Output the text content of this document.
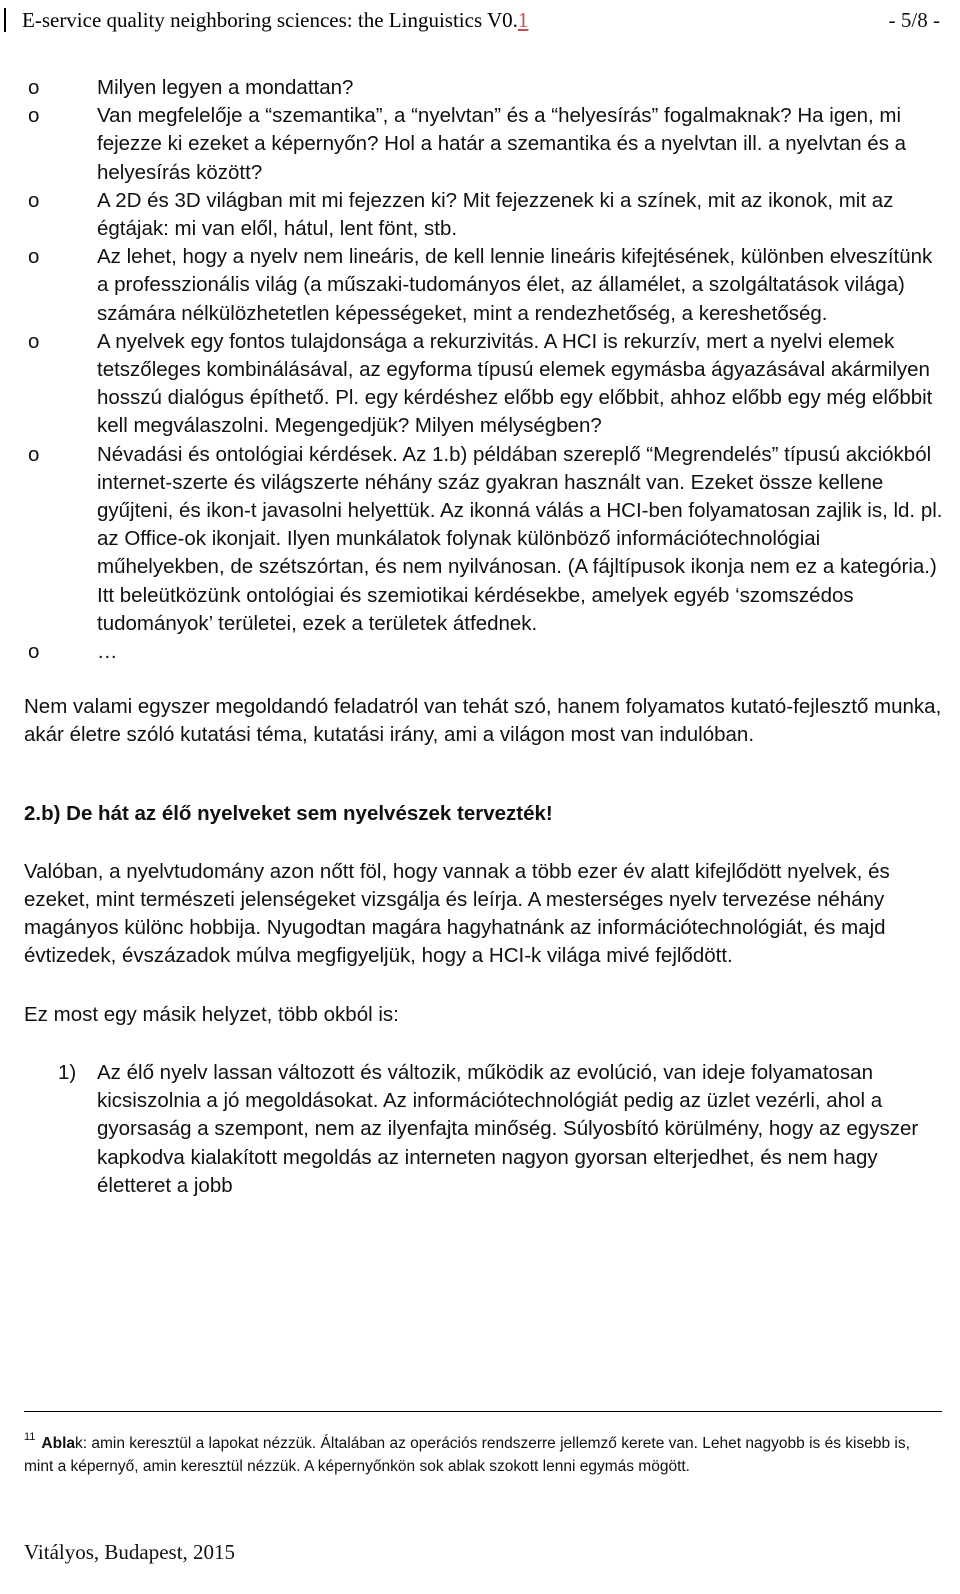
E-service quality neighboring sciences: the Linguistics V0.1	- 5/8 -
o	Milyen legyen a mondattan?
o	Van megfelelője a “szemantika”, a “nyelvtan” és a “helyesírás” fogalmaknak? Ha igen, mi fejezze ki ezeket a képernyőn? Hol a határ a szemantika és a nyelvtan ill. a nyelvtan és a helyesírás között?
o	A 2D és 3D világban mit mi fejezzen ki? Mit fejezzenek ki a színek, mit az ikonok, mit az égtájak: mi van elől, hátul, lent fönt, stb.
o	Az lehet, hogy a nyelv nem lineáris, de kell lennie lineáris kifejtésének, különben elveszítünk a professzionális világ (a műszaki-tudományos élet, az államélet, a szolgáltatások világa) számára nélkülözhetetlen képességeket, mint a rendezhetőség, a kereshetőség.
o	A nyelvek egy fontos tulajdonsága a rekurzivitás. A HCI is rekurzív, mert a nyelvi elemek tetszőleges kombinálásával, az egyforma típusú elemek egymásba ágyazásával akármilyen hosszú dialógus építhető. Pl. egy kérdéshez előbb egy előbbit, ahhoz előbb egy még előbbit kell megválaszolni. Megengedjük? Milyen mélységben?
o	Névadási és ontológiai kérdések. Az 1.b) példában szereplő “Megrendelés” típusú akciókból internet-szerte és világszerte néhány száz gyakran használt van. Ezeket össze kellene gyűjteni, és ikon-t javasolni helyettük. Az ikonná válás a HCI-ben folyamatosan zajlik is, ld. pl. az Office-ok ikonjait. Ilyen munkálatok folynak különböző információtechnológiai műhelyekben, de szétszórtan, és nem nyilvánosan. (A fájltípusok ikonja nem ez a kategória.) Itt beleütközünk ontológiai és szemiotikai kérdésekbe, amelyek egyéb ‘szomszédos tudományok’ területei, ezek a területek átfednek.
o	…

Nem valami egyszer megoldandó feladatról van tehát szó, hanem folyamatos kutató-fejlesztő munka, akár életre szóló kutatási téma, kutatási irány, ami a világon most van indulóban.

2.b) De hát az élő nyelveket sem nyelvészek tervezték!

Valóban, a nyelvtudomány azon nőtt föl, hogy vannak a több ezer év alatt kifejlődött nyelvek, és ezeket, mint természeti jelenségeket vizsgálja és leírja. A mesterséges nyelv tervezése néhány magányos különc hobbija. Nyugodtan magára hagyhatnánk az információtechnológiát, és majd évtizedek, évszázadok múlva megfigyeljük, hogy a HCI-k világa mivé fejlődött.

Ez most egy másik helyzet, több okból is:

1) Az élő nyelv lassan változott és változik, működik az evolúció, van ideje folyamatosan kicsiszolnia a jó megoldásokat. Az információtechnológiát pedig az üzlet vezérli, ahol a gyorsaság a szempont, nem az ilyenfajta minőség. Súlyosbító körülmény, hogy az egyszer kapkodva kialakított megoldás az interneten nagyon gyorsan elterjedhet, és nem hagy életteret a jobb
$^{11}$ Ablak: amin keresztül a lapokat nézzük. Általában az operációs rendszerre jellemző kerete van. Lehet nagyobb is és kisebb is, mint a képernyő, amin keresztül nézzük. A képernyőnkön sok ablak szokott lenni egymás mögött.
Vitályos, Budapest, 2015
